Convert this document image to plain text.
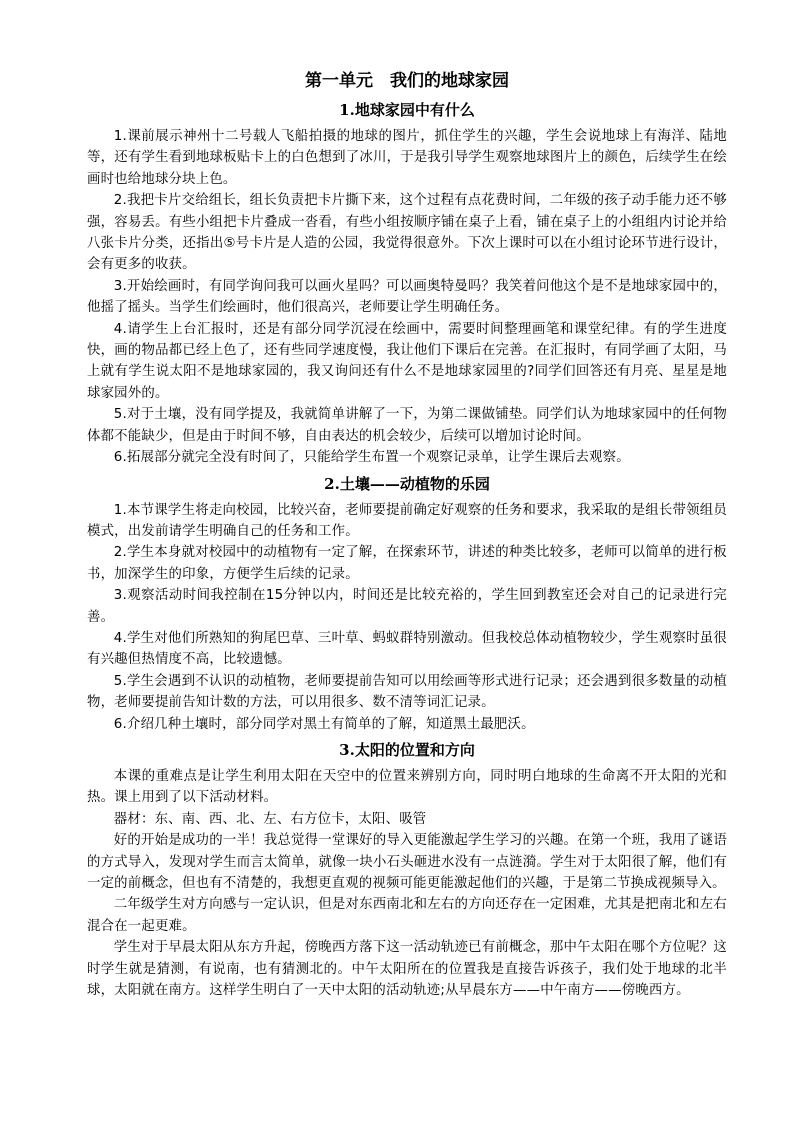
第一单元　我们的地球家园
1.地球家园中有什么

1.课前展示神州十二号载人飞船拍摄的地球的图片，抓住学生的兴趣，学生会说地球上有海洋、陆地等，还有学生看到地球板贴卡上的白色想到了冰川，于是我引导学生观察地球图片上的颜色，后续学生在绘画时也给地球分块上色。

2.我把卡片交给组长，组长负责把卡片撕下来，这个过程有点花费时间，二年级的孩子动手能力还不够强，容易丢。有些小组把卡片叠成一沓看，有些小组按顺序铺在桌子上看，铺在桌子上的小组组内讨论并给八张卡片分类，还指出⑤号卡片是人造的公园，我觉得很意外。下次上课时可以在小组讨论环节进行设计，会有更多的收获。

3.开始绘画时，有同学询问我可以画火星吗？可以画奥特曼吗？我笑着问他这个是不是地球家园中的，他摇了摇头。当学生们绘画时，他们很高兴，老师要让学生明确任务。

4.请学生上台汇报时，还是有部分同学沉浸在绘画中，需要时间整理画笔和课堂纪律。有的学生进度快，画的物品都已经上色了，还有些同学速度慢，我让他们下课后在完善。在汇报时，有同学画了太阳，马上就有学生说太阳不是地球家园的，我又询问还有什么不是地球家园里的?同学们回答还有月亮、星星是地球家园外的。

5.对于土壤，没有同学提及，我就简单讲解了一下，为第二课做铺垫。同学们认为地球家园中的任何物体都不能缺少，但是由于时间不够，自由表达的机会较少，后续可以增加讨论时间。

6.拓展部分就完全没有时间了，只能给学生布置一个观察记录单，让学生课后去观察。

2.土壤——动植物的乐园

1.本节课学生将走向校园，比较兴奋，老师要提前确定好观察的任务和要求，我采取的是组长带领组员模式，出发前请学生明确自己的任务和工作。

2.学生本身就对校园中的动植物有一定了解，在探索环节，讲述的种类比较多，老师可以简单的进行板书，加深学生的印象，方便学生后续的记录。

3.观察活动时间我控制在15分钟以内，时间还是比较充裕的，学生回到教室还会对自己的记录进行完善。

4.学生对他们所熟知的狗尾巴草、三叶草、蚂蚁群特别激动。但我校总体动植物较少，学生观察时虽很有兴趣但热情度不高，比较遗憾。

5.学生会遇到不认识的动植物，老师要提前告知可以用绘画等形式进行记录；还会遇到很多数量的动植物，老师要提前告知计数的方法，可以用很多、数不清等词汇记录。

6.介绍几种土壤时，部分同学对黑土有简单的了解，知道黑土最肥沃。

3.太阳的位置和方向

本课的重难点是让学生利用太阳在天空中的位置来辨别方向，同时明白地球的生命离不开太阳的光和热。课上用到了以下活动材料。

器材：东、南、西、北、左、右方位卡，太阳、吸管

好的开始是成功的一半！我总觉得一堂课好的导入更能激起学生学习的兴趣。在第一个班，我用了谜语的方式导入，发现对学生而言太简单，就像一块小石头砸进水没有一点涟漪。学生对于太阳很了解，他们有一定的前概念，但也有不清楚的，我想更直观的视频可能更能激起他们的兴趣，于是第二节换成视频导入。

二年级学生对方向感与一定认识，但是对东西南北和左右的方向还存在一定困难，尤其是把南北和左右混合在一起更难。

学生对于早晨太阳从东方升起，傍晚西方落下这一活动轨迹已有前概念，那中午太阳在哪个方位呢？这时学生就是猜测，有说南，也有猜测北的。中午太阳所在的位置我是直接告诉孩子，我们处于地球的北半球，太阳就在南方。这样学生明白了一天中太阳的活动轨迹;从早晨东方——中午南方——傍晚西方。
